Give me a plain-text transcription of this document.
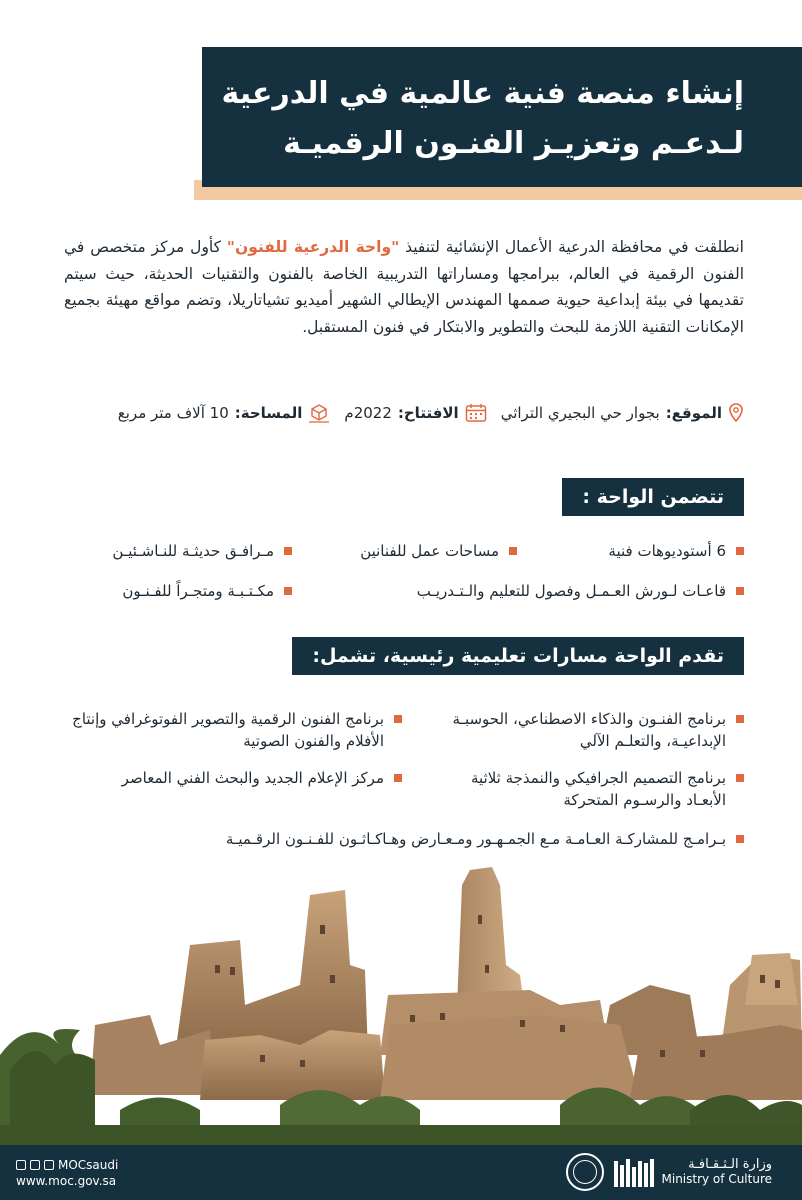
إنشاء منصة فنية عالمية في الدرعية
لـدعـم وتعزيـز الفنـون الرقميـة

انطلقت في محافظة الدرعية الأعمال الإنشائية لتنفيذ "واحة الدرعية للفنون" كأول مركز متخصص في الفنون الرقمية في العالم، ببرامجها ومساراتها التدريبية الخاصة بالفنون والتقنيات الحديثة، حيث سيتم تقديمها في بيئة إبداعية حيوية صممها المهندس الإيطالي الشهير أميديو تشياتاريلا، وتضم مواقع مهيئة بجميع الإمكانات التقنية اللازمة للبحث والتطوير والابتكار في فنون المستقبل.

الموقع:
بجوار حي البجيري التراثي
الافتتاح:
2022م
المساحة:
10 آلاف متر مربع
تتضمن الواحة :
6 أستوديوهات فنية
مساحات عمل للفنانين
مـرافـق حديثـة للنـاشـئيـن
قاعـات لـورش العـمـل وفصول للتعليم والـتـدريـب
مكـتـبـة ومتجـراً للفـنـون
تقدم الواحة مسارات تعليمية رئيسية، تشمل:
برنامج الفنـون والذكاء الاصطناعي، الحوسبـة الإبداعيـة، والتعلـم الآلي
برنامج الفنون الرقمية والتصوير الفوتوغرافي وإنتاج الأفلام والفنون الصوتية
برنامج التصميم الجرافيكي والنمذجة ثلاثية الأبعـاد والرسـوم المتحركة
مركز الإعلام الجديد والبحث الفني المعاصر
بـرامـج للمشاركـة العـامـة مـع الجمـهـور ومـعـارض وهـاكـاثـون للفـنـون الرقـميـة
MOCsaudi
www.moc.gov.sa
وزارة الـثـقـافـة
Ministry of Culture
